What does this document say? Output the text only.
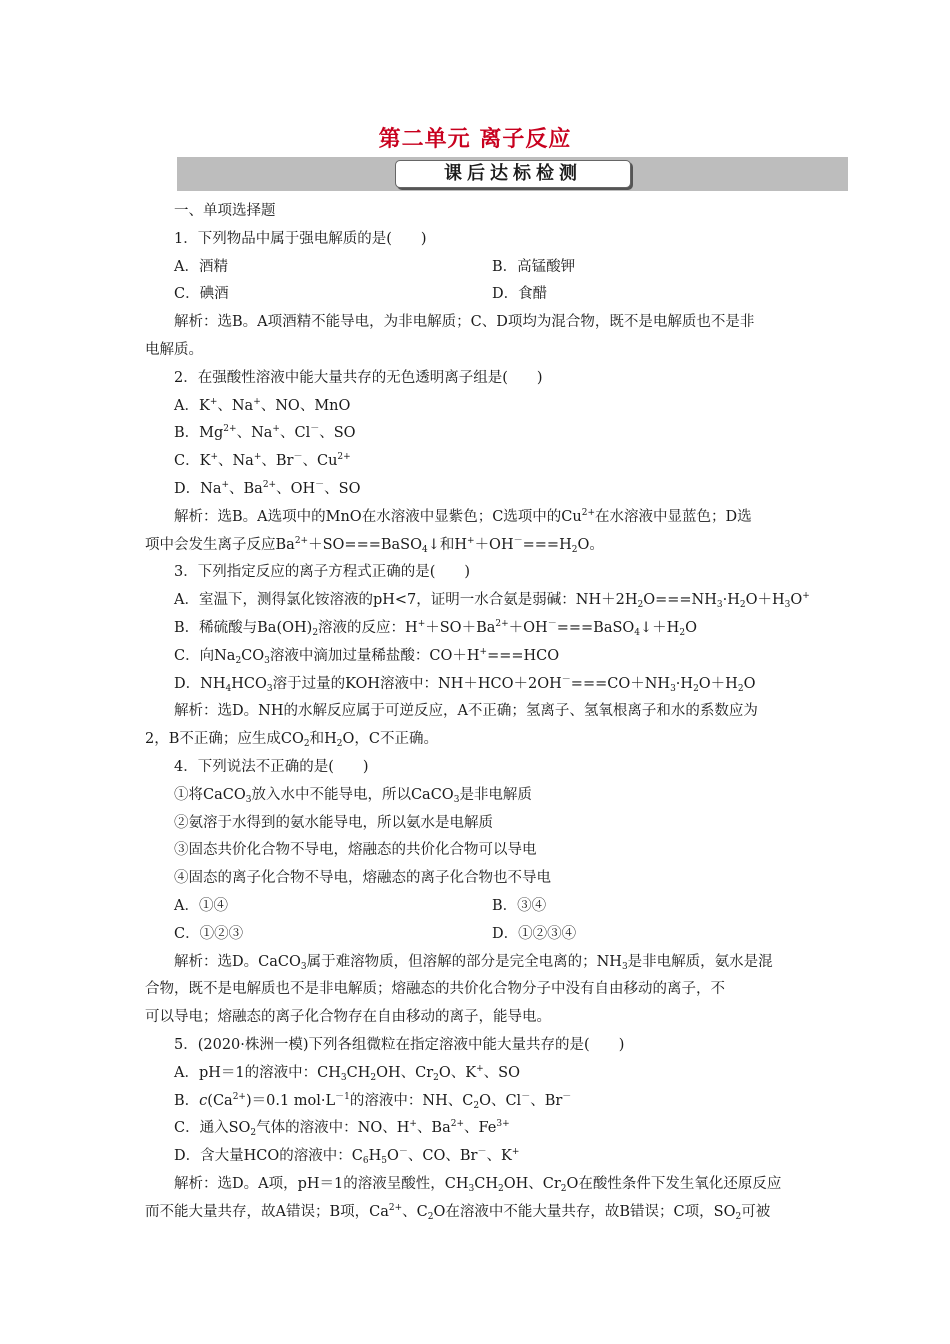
第二单元 离子反应
课后达标检测
一、单项选择题
1．下列物品中属于强电解质的是(　　)
A．酒精	B．高锰酸钾
C．碘酒	D．食醋
解析：选B。A项酒精不能导电，为非电解质；C、D项均为混合物，既不是电解质也不是非
电解质。
2．在强酸性溶液中能大量共存的无色透明离子组是(　　)
A．K+、Na+、NO、MnO
B．$Mg^{2+}$、Na+、Cl－、SO
C．K+、Na+、Br－、$Cu^{2+}$
D．Na+、$Ba^{2+}$、OH－、SO
解析：选B。A选项中的MnO在水溶液中显紫色；C选项中的$Cu^{2+}$在水溶液中显蓝色；D选
项中会发生离子反应$Ba^{2+}+SO===BaSO_4↓$和$H^++OH^-===H_2O$。
3．下列指定反应的离子方程式正确的是(　　)
A．室温下，测得氯化铵溶液的pH<7，证明一水合氨是弱碱：$NH+2H_2O===NH_3\cdot H_2O+H_3O^+$
B．稀硫酸与$Ba(OH)_2$溶液的反应：$H^++SO+Ba^{2+}+OH^-===BaSO_4↓+H_2O$
C．向$Na_2CO_3$溶液中滴加过量稀盐酸：CO＋H+===HCO
D．$NH_4HCO_3$溶于过量的KOH溶液中：$NH+HCO+2OH^-===CO+NH_3\cdot H_2O+H_2O$
解析：选D。NH的水解反应属于可逆反应，A不正确；氢离子、氢氧根离子和水的系数应为
2，B不正确；应生成$CO_2$和$H_2O$，C不正确。
4．下列说法不正确的是(　　)
①将CaCO$_3$放入水中不能导电，所以CaCO$_3$是非电解质
②氨溶于水得到的氨水能导电，所以氨水是电解质
③固态共价化合物不导电，熔融态的共价化合物可以导电
④固态的离子化合物不导电，熔融态的离子化合物也不导电
A．①④	B．③④
C．①②③	D．①②③④
解析：选D。CaCO$_3$属于难溶物质，但溶解的部分是完全电离的；$NH_3$是非电解质，氨水是混
合物，既不是电解质也不是非电解质；熔融态的共价化合物分子中没有自由移动的离子，不
可以导电；熔融态的离子化合物存在自由移动的离子，能导电。
5．(2020·株洲一模)下列各组微粒在指定溶液中能大量共存的是(　　)
A．pH＝1的溶液中：$CH_3CH_2OH$、$Cr_2O$、K+、SO
B．$c(Ca^{2+})=0.1$ $mol\cdot L^{-1}$的溶液中：NH、$C_2O$、Cl－、Br－
C．通入$SO_2$气体的溶液中：NO、H+、$Ba^{2+}$、$Fe^{3+}$
D．含大量HCO的溶液中：$C_6H_5O^-$、CO、Br－、K+
解析：选D。A项，pH＝1的溶液呈酸性，$CH_3CH_2OH$、$Cr_2O$在酸性条件下发生氧化还原反应
而不能大量共存，故A错误；B项，$Ca^{2+}$、$C_2O$在溶液中不能大量共存，故B错误；C项，$SO_2$可被
